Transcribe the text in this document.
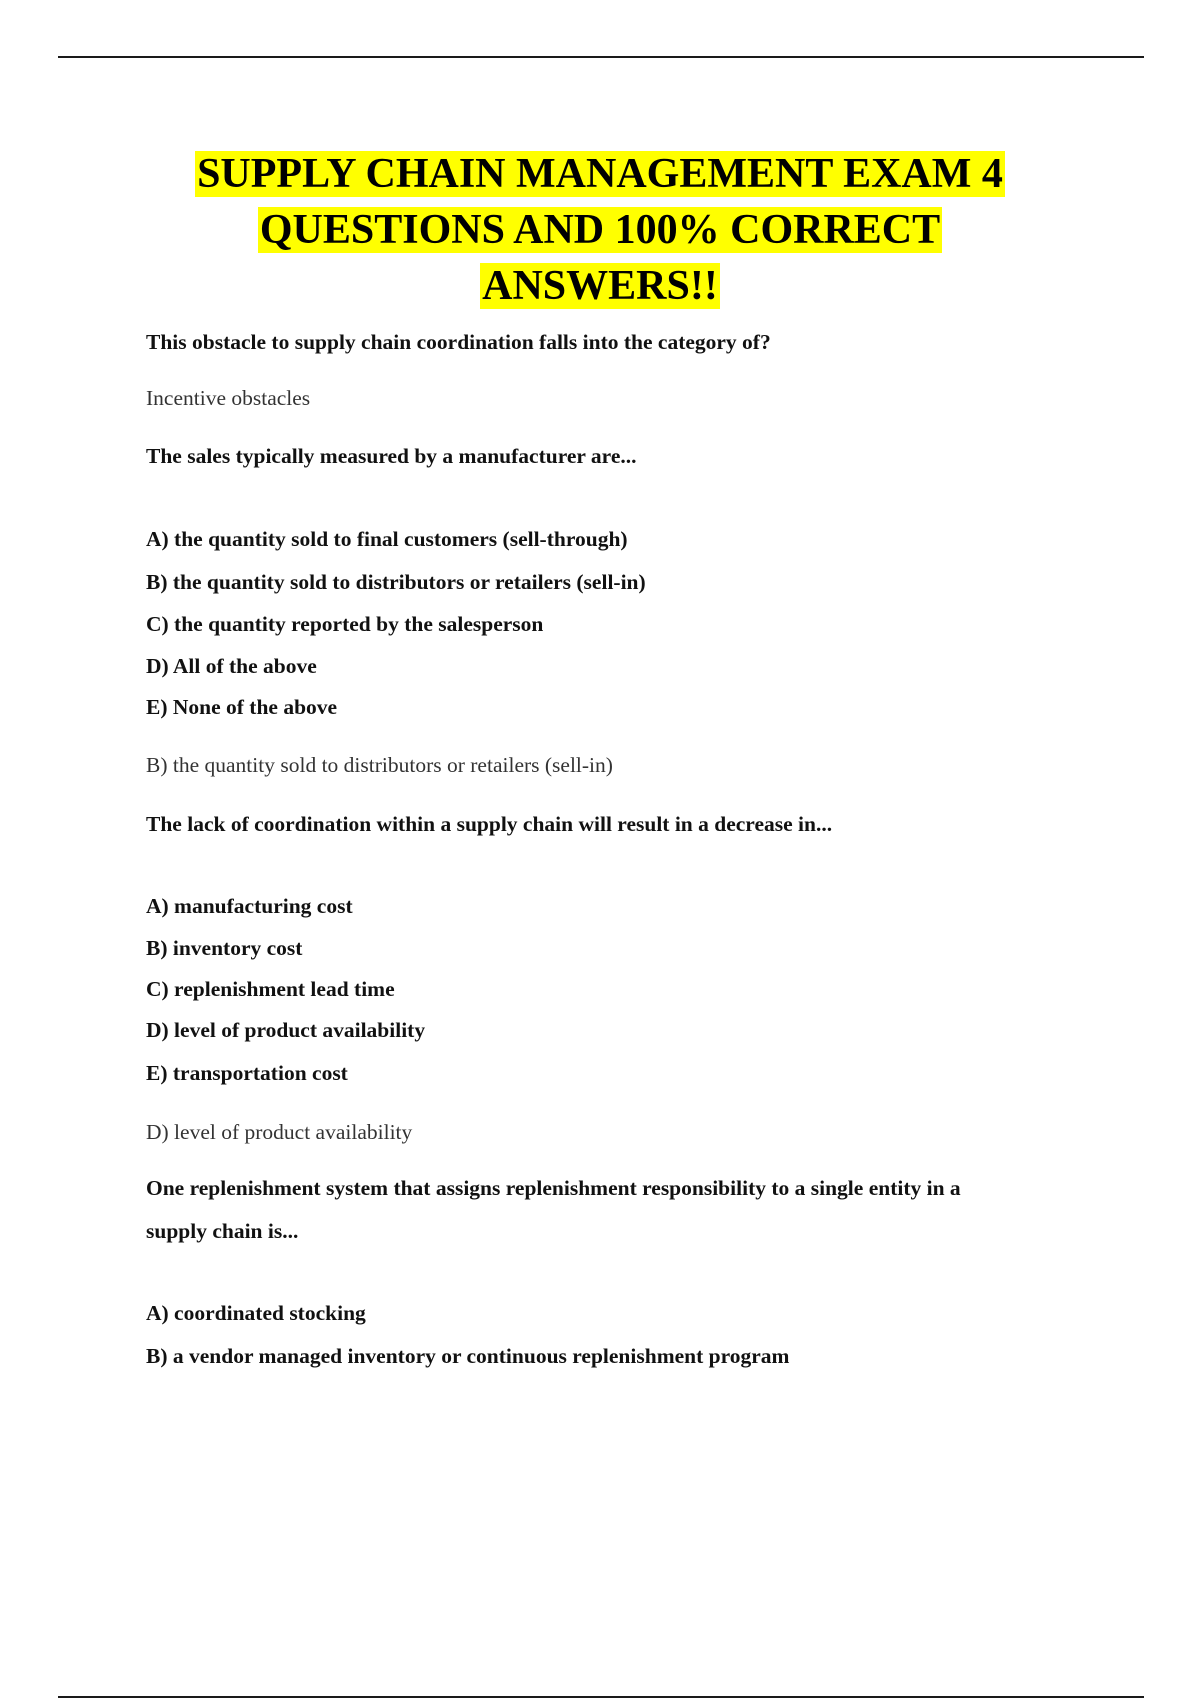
SUPPLY CHAIN MANAGEMENT EXAM 4
QUESTIONS AND 100% CORRECT
ANSWERS!!
This obstacle to supply chain coordination falls into the category of?
Incentive obstacles
The sales typically measured by a manufacturer are...
A) the quantity sold to final customers (sell-through)
B) the quantity sold to distributors or retailers (sell-in)
C) the quantity reported by the salesperson
D) All of the above
E) None of the above
B) the quantity sold to distributors or retailers (sell-in)
The lack of coordination within a supply chain will result in a decrease in...
A) manufacturing cost
B) inventory cost
C) replenishment lead time
D) level of product availability
E) transportation cost
D) level of product availability
One replenishment system that assigns replenishment responsibility to a single entity in a
supply chain is...
A) coordinated stocking
B) a vendor managed inventory or continuous replenishment program
